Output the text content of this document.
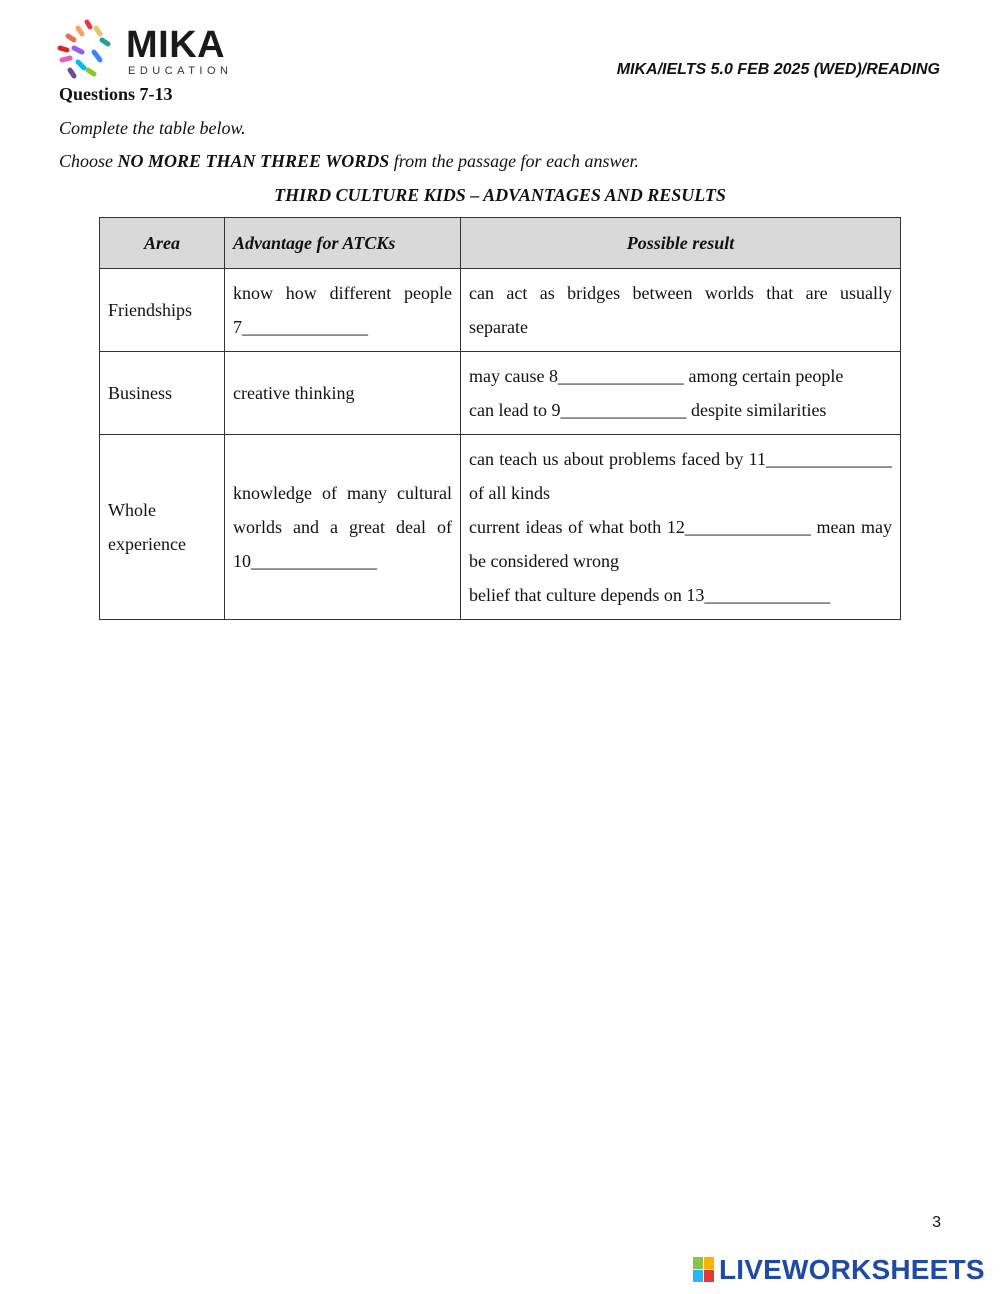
MIKA
EDUCATION	MIKA/IELTS 5.0 FEB 2025 (WED)/READING
Questions 7-13
Complete the table below.
Choose NO MORE THAN THREE WORDS from the passage for each answer.
THIRD CULTURE KIDS – ADVANTAGES AND RESULTS
Area	Advantage for ATCKs	Possible result
Friendships	know how different people 7______________	can act as bridges between worlds that are usually separate

Business	creative thinking	may cause 8______________ among certain people
can lead to 9______________ despite similarities

Whole experience	knowledge of many cultural worlds and a great deal of 10______________	can teach us about problems faced by 11______________ of all kinds
current ideas of what both 12______________ mean may be considered wrong
belief that culture depends on 13______________
3
LIVEWORKSHEETS
